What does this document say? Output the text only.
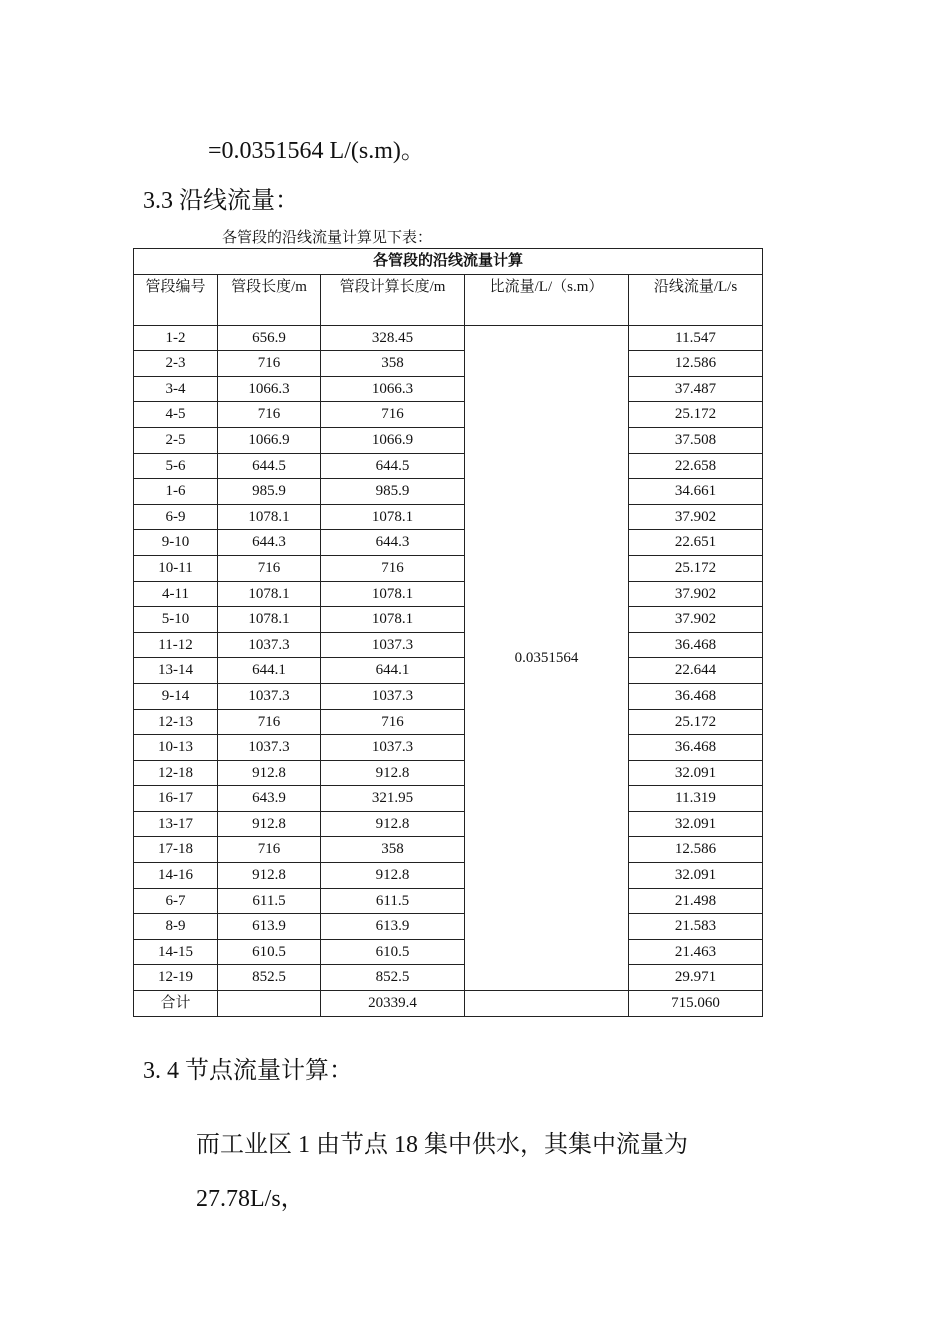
=0.0351564 L/(s.m)。
3.3 沿线流量：
各管段的沿线流量计算见下表：
各管段的沿线流量计算				
管段编号	管段长度/m	管段计算长度/m	比流量/L/（s.m）	沿线流量/L/s
1-2	656.9	328.45	0.0351564	11.547
2-3	716	358		12.586
3-4	1066.3	1066.3		37.487
4-5	716	716		25.172
2-5	1066.9	1066.9		37.508
5-6	644.5	644.5		22.658
1-6	985.9	985.9		34.661
6-9	1078.1	1078.1		37.902
9-10	644.3	644.3		22.651
10-11	716	716		25.172
4-11	1078.1	1078.1		37.902
5-10	1078.1	1078.1		37.902
11-12	1037.3	1037.3		36.468
13-14	644.1	644.1		22.644
9-14	1037.3	1037.3		36.468
12-13	716	716		25.172
10-13	1037.3	1037.3		36.468
12-18	912.8	912.8		32.091
16-17	643.9	321.95		11.319
13-17	912.8	912.8		32.091
17-18	716	358		12.586
14-16	912.8	912.8		32.091
6-7	611.5	611.5		21.498
8-9	613.9	613.9		21.583
14-15	610.5	610.5		21.463
12-19	852.5	852.5		29.971
合计		20339.4		715.060
3. 4 节点流量计算：
而工业区 1 由节点 18 集中供水，其集中流量为
27.78L/s，
